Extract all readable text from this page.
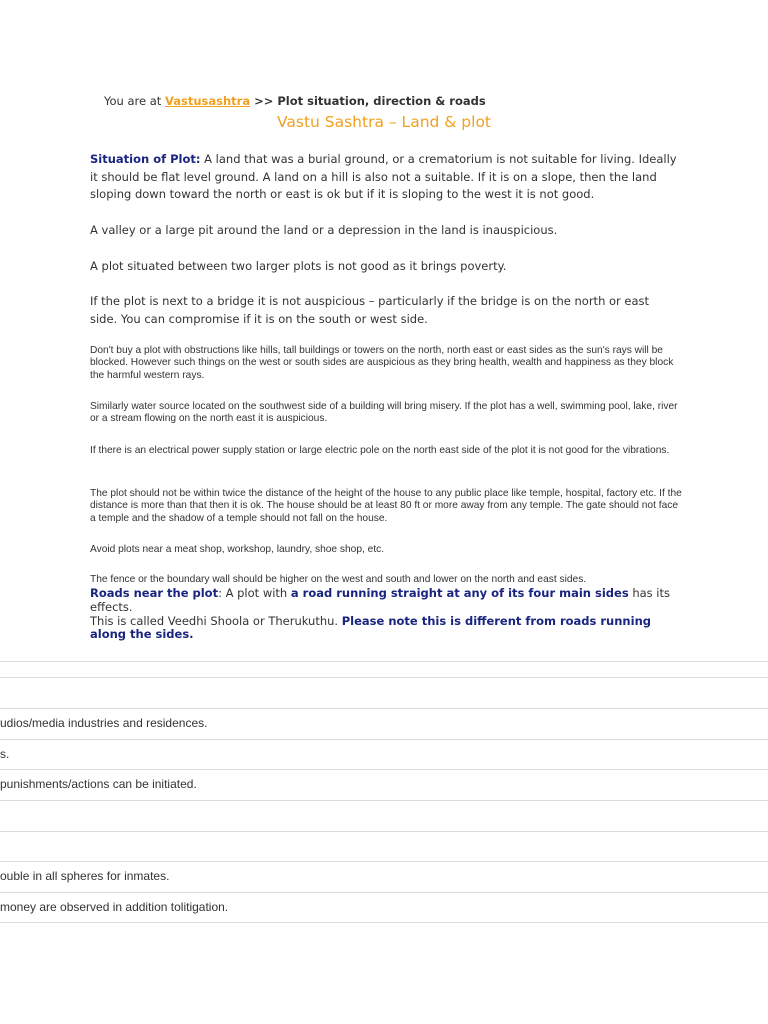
You are at Vastusashtra >> Plot situation, direction & roads
Vastu Sashtra – Land & plot
Situation of Plot: A land that was a burial ground, or a crematorium is not suitable for living. Ideally it should be flat level ground. A land on a hill is also not a suitable. If it is on a slope, then the land sloping down toward the north or east is ok but if it is sloping to the west it is not good.
A valley or a large pit around the land or a depression in the land is inauspicious.
A plot situated between two larger plots is not good as it brings poverty.
If the plot is next to a bridge it is not auspicious – particularly if the bridge is on the north or east side. You can compromise if it is on the south or west side.
Don't buy a plot with obstructions like hills, tall buildings or towers on the north, north east or east sides as the sun's rays will be blocked. However such things on the west or south sides are auspicious as they bring health, wealth and happiness as they block the harmful western rays.
Similarly water source located on the southwest side of a building will bring misery. If the plot has a well, swimming pool, lake, river or a stream flowing on the north east it is auspicious.
If there is an electrical power supply station or large electric pole on the north east side of the plot it is not good for the vibrations.
The plot should not be within twice the distance of the height of the house to any public place like temple, hospital, factory etc. If the distance is more than that then it is ok. The house should be at least 80 ft or more away from any temple. The gate should not face a temple and the shadow of a temple should not fall on the house.
Avoid plots near a meat shop, workshop, laundry, shoe shop, etc.
The fence or the boundary wall should be higher on the west and south and lower on the north and east sides.
Roads near the plot: A plot with a road running straight at any of its four main sides has its effects.
This is called Veedhi Shoola or Therukuthu. Please note this is different from roads running along the sides.
udios/media industries and residences.
s.
punishments/actions can be initiated.
ouble in all spheres for inmates.
money are observed in addition tolitigation.
